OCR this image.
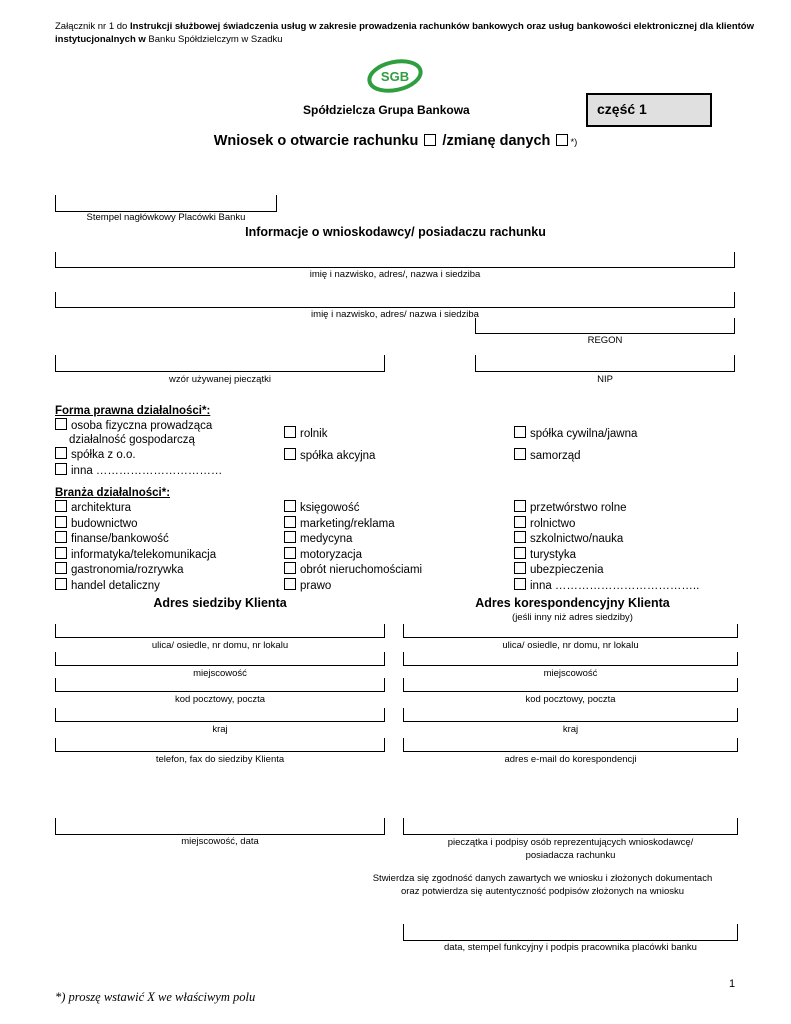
Załącznik nr 1 do Instrukcji służbowej świadczenia usług w zakresie prowadzenia rachunków bankowych oraz usług bankowości elektronicznej dla klientów instytucjonalnych w Banku Spółdzielczym w Szadku
SGB
Spółdzielcza Grupa Bankowa	część 1
Wniosek o otwarcie rachunku  /zmianę danych *)
Stempel nagłówkowy Placówki Banku
Informacje o wnioskodawcy/ posiadaczu rachunku
imię i nazwisko, adres/, nazwa i siedziba
imię i nazwisko, adres/ nazwa i siedziba
REGON
wzór używanej pieczątki	NIP
Forma prawna działalności*:
osoba fizyczna prowadząca
działalność gospodarczą
spółka z o.o.
inna ……………………………
rolnik
spółka akcyjna
spółka cywilna/jawna
samorząd
Branża działalności*:
architektura
budownictwo
finanse/bankowość
informatyka/telekomunikacja
gastronomia/rozrywka
handel detaliczny
księgowość
marketing/reklama
medycyna
motoryzacja
obrót nieruchomościami
prawo
przetwórstwo rolne
rolnictwo
szkolnictwo/nauka
turystyka
ubezpieczenia
inna ………………………………..
Adres siedziby Klienta	Adres korespondencyjny Klienta
(jeśli inny niż adres siedziby)
ulica/ osiedle, nr domu, nr lokalu
miejscowość
kod pocztowy, poczta
kraj
telefon, fax do siedziby Klienta
ulica/ osiedle, nr domu, nr lokalu
miejscowość
kod pocztowy, poczta
kraj
adres e-mail do korespondencji
miejscowość, data	pieczątka i podpisy osób reprezentujących wnioskodawcę/
posiadacza rachunku
Stwierdza się zgodność danych zawartych we wniosku i złożonych dokumentach
oraz potwierdza się autentyczność podpisów złożonych na wniosku
data, stempel funkcyjny i podpis pracownika placówki banku
1
*) proszę wstawić X we właściwym polu
